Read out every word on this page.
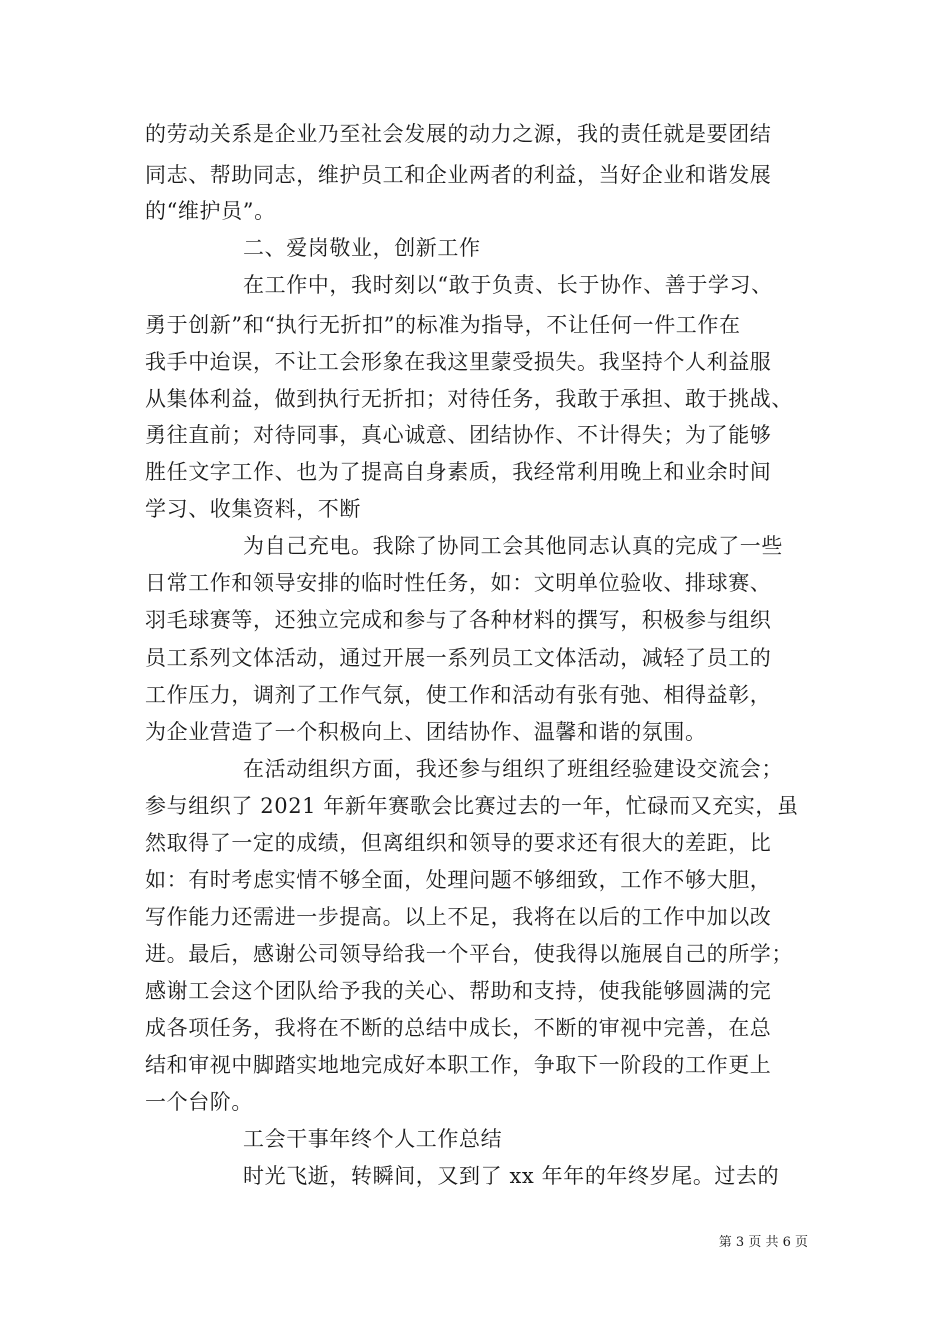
的劳动关系是企业乃至社会发展的动力之源，我的责任就是要团结
同志、帮助同志，维护员工和企业两者的利益，当好企业和谐发展
的“维护员”。
二、爱岗敬业，创新工作
在工作中，我时刻以“敢于负责、长于协作、善于学习、
勇于创新”和“执行无折扣”的标准为指导，不让任何一件工作在
我手中迨误，不让工会形象在我这里蒙受损失。我坚持个人利益服
从集体利益，做到执行无折扣；对待任务，我敢于承担、敢于挑战、
勇往直前；对待同事，真心诚意、团结协作、不计得失；为了能够
胜任文字工作、也为了提高自身素质，我经常利用晚上和业余时间
学习、收集资料，不断
为自己充电。我除了协同工会其他同志认真的完成了一些
日常工作和领导安排的临时性任务，如：文明单位验收、排球赛、
羽毛球赛等，还独立完成和参与了各种材料的撰写，积极参与组织
员工系列文体活动，通过开展一系列员工文体活动，减轻了员工的
工作压力，调剂了工作气氛，使工作和活动有张有弛、相得益彰，
为企业营造了一个积极向上、团结协作、温馨和谐的氛围。
在活动组织方面，我还参与组织了班组经验建设交流会；
参与组织了 2021 年新年赛歌会比赛过去的一年，忙碌而又充实，虽
然取得了一定的成绩，但离组织和领导的要求还有很大的差距，比
如：有时考虑实情不够全面，处理问题不够细致，工作不够大胆，
写作能力还需进一步提高。以上不足，我将在以后的工作中加以改
进。最后，感谢公司领导给我一个平台，使我得以施展自己的所学；
感谢工会这个团队给予我的关心、帮助和支持，使我能够圆满的完
成各项任务，我将在不断的总结中成长，不断的审视中完善，在总
结和审视中脚踏实地地完成好本职工作，争取下一阶段的工作更上
一个台阶。
工会干事年终个人工作总结
时光飞逝，转瞬间，又到了 xx 年年的年终岁尾。过去的
第 3 页 共 6 页
